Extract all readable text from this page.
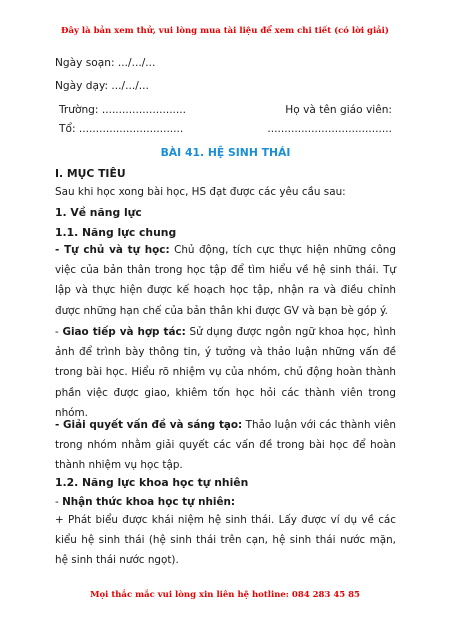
Đây là bản xem thử, vui lòng mua tài liệu để xem chi tiết (có lời giải)
Ngày soạn: .../.../...
Ngày dạy: .../.../...
Trường: .........................	Họ và tên giáo viên:
Tổ: ...............................	.....................................
BÀI 41. HỆ SINH THÁI
I. MỤC TIÊU
Sau khi học xong bài học, HS đạt được các yêu cầu sau:
1. Về năng lực
1.1. Năng lực chung

- Tự chủ và tự học: Chủ động, tích cực thực hiện những công việc của bản thân trong học tập để tìm hiểu về hệ sinh thái. Tự lập và thực hiện được kế hoạch học tập, nhận ra và điều chỉnh được những hạn chế của bản thân khi được GV và bạn bè góp ý.

- Giao tiếp và hợp tác: Sử dụng được ngôn ngữ khoa học, hình ảnh để trình bày thông tin, ý tưởng và thảo luận những vấn đề trong bài học. Hiểu rõ nhiệm vụ của nhóm, chủ động hoàn thành phần việc được giao, khiêm tốn học hỏi các thành viên trong nhóm.

- Giải quyết vấn đề và sáng tạo: Thảo luận với các thành viên trong nhóm nhằm giải quyết các vấn đề trong bài học để hoàn thành nhiệm vụ học tập.

1.2. Năng lực khoa học tự nhiên
- Nhận thức khoa học tự nhiên:

+ Phát biểu được khái niệm hệ sinh thái. Lấy được ví dụ về các kiểu hệ sinh thái (hệ sinh thái trên cạn, hệ sinh thái nước mặn, hệ sinh thái nước ngọt).

Mọi thắc mắc vui lòng xin liên hệ hotline: 084 283 45 85
